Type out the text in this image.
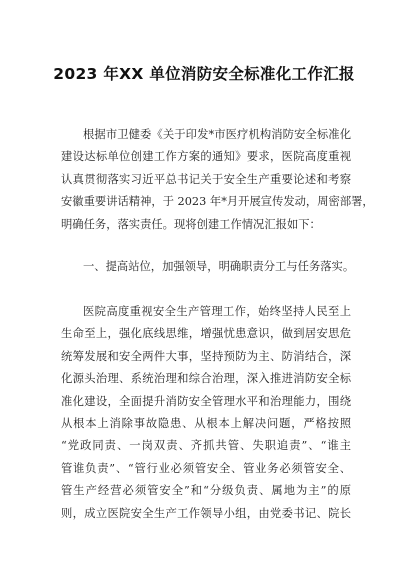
2023 年XX 单位消防安全标准化工作汇报
根据市卫健委《关于印发*市医疗机构消防安全标准化
建设达标单位创建工作方案的通知》要求，医院高度重视
认真贯彻落实习近平总书记关于安全生产重要论述和考察
安徽重要讲话精神，于 2023 年*月开展宣传发动，周密部署，
明确任务，落实责任。现将创建工作情况汇报如下：
一、提高站位，加强领导，明确职责分工与任务落实。
医院高度重视安全生产管理工作，始终坚持人民至上
生命至上，强化底线思维，增强忧患意识，做到居安思危
统筹发展和安全两件大事，坚持预防为主、防消结合，深
化源头治理、系统治理和综合治理，深入推进消防安全标
准化建设，全面提升消防安全管理水平和治理能力，围绕
从根本上消除事故隐患、从根本上解决问题，严格按照
“党政同责、一岗双责、齐抓共管、失职追责”、“谁主
管谁负责”、“管行业必须管安全、管业务必须管安全、
管生产经营必须管安全”和“分级负责、属地为主”的原
则，成立医院安全生产工作领导小组，由党委书记、院长
